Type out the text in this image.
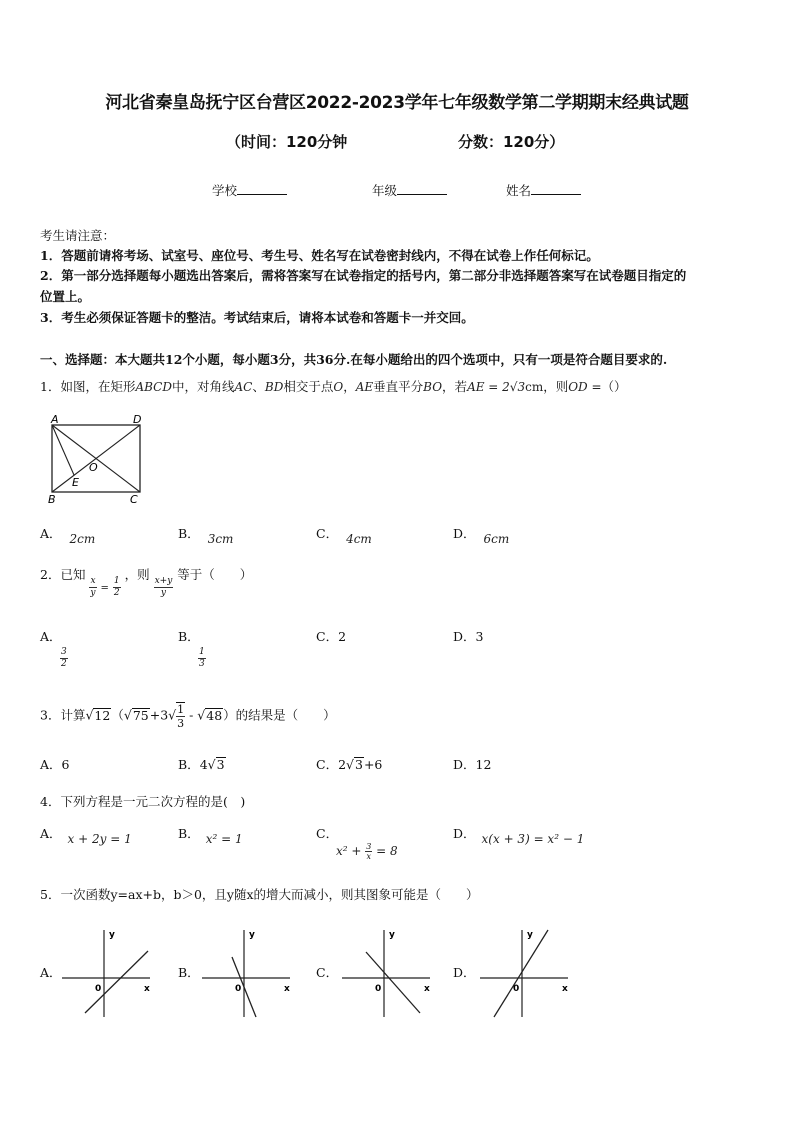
河北省秦皇岛抚宁区台营区2022-2023学年七年级数学第二学期期末经典试题
（时间：120分钟	分数：120分）
学校	年级	姓名
考生请注意：
1．答题前请将考场、试室号、座位号、考生号、姓名写在试卷密封线内，不得在试卷上作任何标记。
2．第一部分选择题每小题选出答案后，需将答案写在试卷指定的括号内，第二部分非选择题答案写在试卷题目指定的
位置上。
3．考生必须保证答题卡的整洁。考试结束后，请将本试卷和答题卡一并交回。
一、选择题：本大题共12个小题，每小题3分，共36分.在每小题给出的四个选项中，只有一项是符合题目要求的.
1．如图，在矩形ABCD中，对角线AC、BD相交于点O，AE垂直平分BO，若AE = 2√3cm，则OD =（）
A	D
B	C
O
E
A． 2cm	B． 3cm	C． 4cm	D． 6cm
2．已知
$\frac{x}{y} = \frac{1}{2}$
，则
$\frac{x+y}{y}$
等于（　　）
A．

$\frac{3}{2}$
B．

$\frac{1}{3}$
C．2	D．3
3．计算$√12(√75+3√ \frac{1}{3} - √48)$的结果是（　　）
A．6	B．4√3	C．2√3+6	D．12
4．下列方程是一元二次方程的是(　)
A． x + 2y = 1	B． x² = 1	C．
$x^2 + \frac{3}{x} = 8$
D． x(x + 3) = x² − 1
5．一次函数y=ax+b，b＞0，且y随x的增大而减小，则其图象可能是（　　）
A．	B．	C．	D．
y
x
0
y
x
0
y
x
0
y
x
0
